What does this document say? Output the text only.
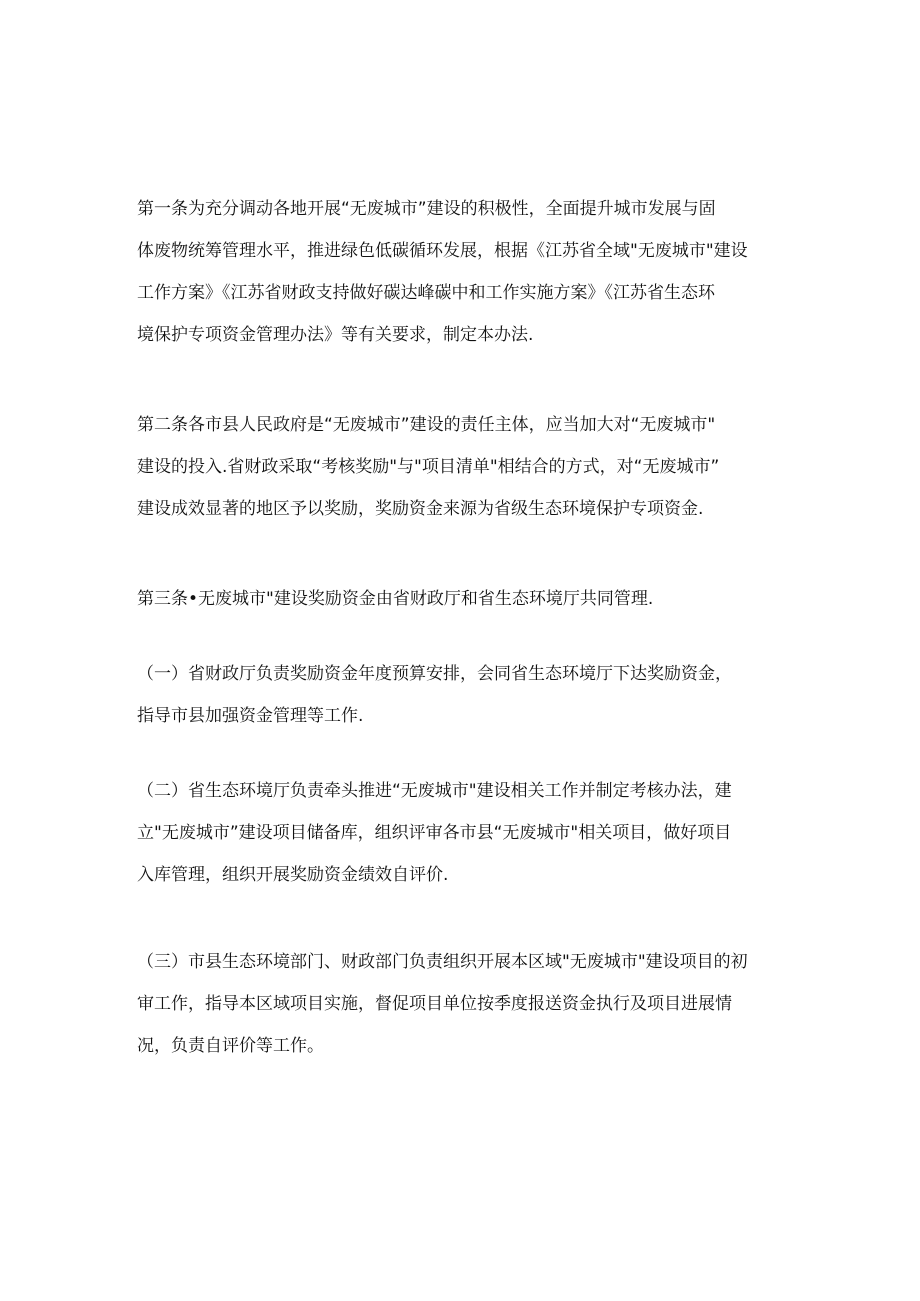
第一条为充分调动各地开展“无废城市”建设的积极性，全面提升城市发展与固
体废物统筹管理水平，推进绿色低碳循环发展，根据《江苏省全域"无废城市"建设
工作方案》《江苏省财政支持做好碳达峰碳中和工作实施方案》《江苏省生态环
境保护专项资金管理办法》等有关要求，制定本办法.

第二条各市县人民政府是“无废城市”建设的责任主体，应当加大对“无废城市"
建设的投入.省财政采取“考核奖励"与"项目清单"相结合的方式，对“无废城市”
建设成效显著的地区予以奖励，奖励资金来源为省级生态环境保护专项资金.

第三条•无废城市"建设奖励资金由省财政厅和省生态环境厅共同管理.

（一）省财政厅负责奖励资金年度预算安排，会同省生态环境厅下达奖励资金，
指导市县加强资金管理等工作.

（二）省生态环境厅负责牵头推进“无废城市"建设相关工作并制定考核办法，建
立"无废城市”建设项目储备库，组织评审各市县“无废城市"相关项目，做好项目
入库管理，组织开展奖励资金绩效自评价.

（三）市县生态环境部门、财政部门负责组织开展本区域"无废城市"建设项目的初
审工作，指导本区域项目实施，督促项目单位按季度报送资金执行及项目进展情
况，负责自评价等工作。
